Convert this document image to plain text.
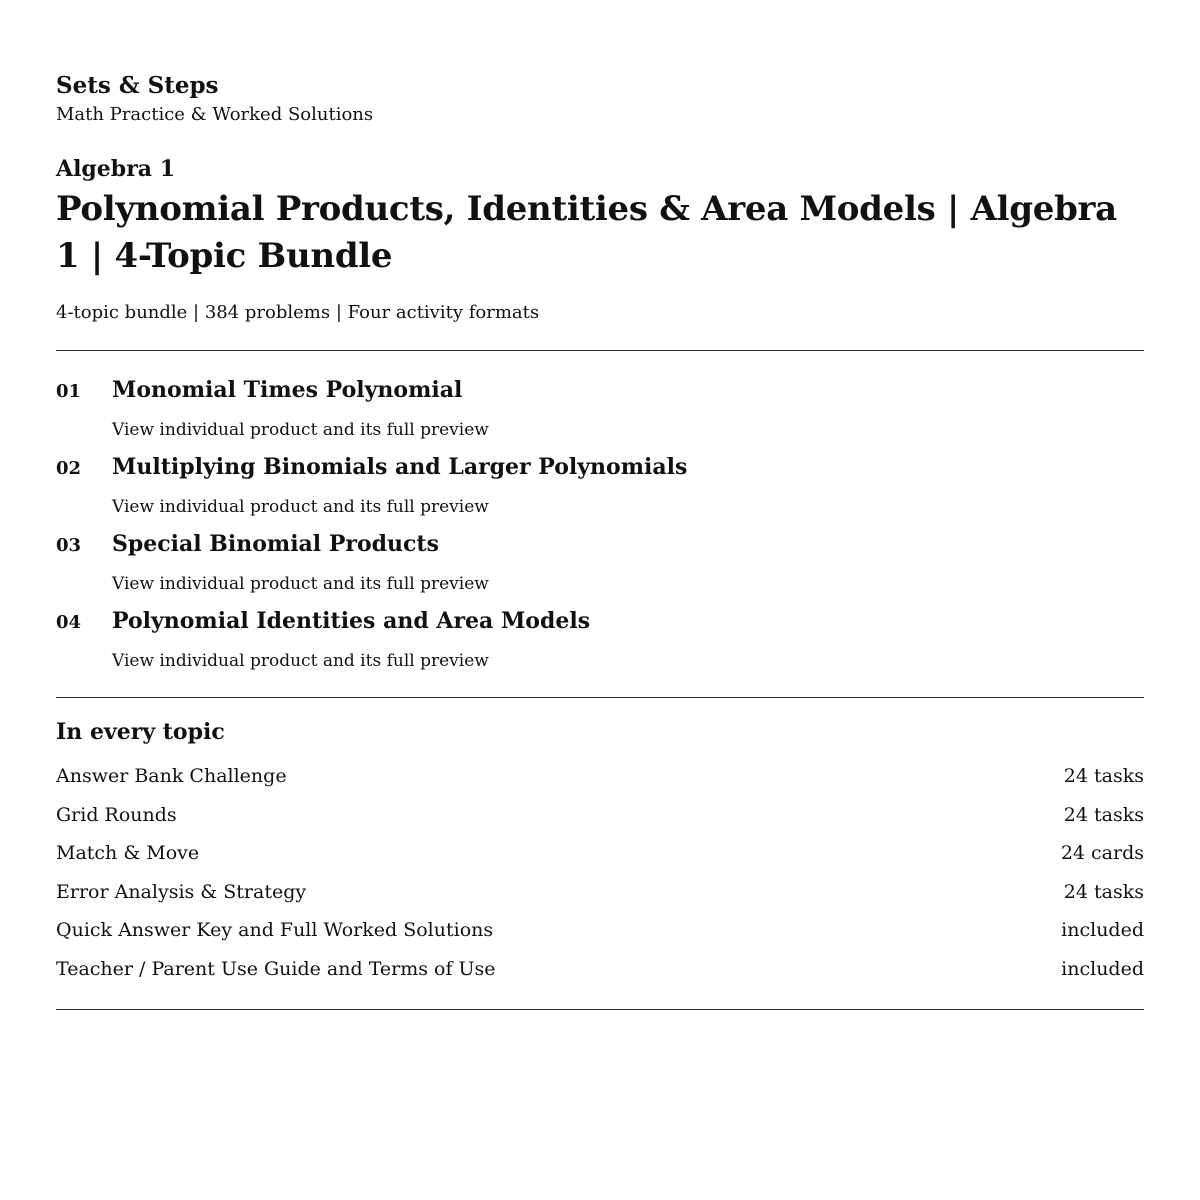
Sets & Steps
Math Practice & Worked Solutions
Algebra 1
Polynomial Products, Identities & Area Models | Algebra 1 | 4-Topic Bundle
4-topic bundle | 384 problems | Four activity formats
01 Monomial Times Polynomial
View individual product and its full preview
02 Multiplying Binomials and Larger Polynomials
View individual product and its full preview
03 Special Binomial Products
View individual product and its full preview
04 Polynomial Identities and Area Models
View individual product and its full preview
In every topic
Answer Bank Challenge	24 tasks
Grid Rounds	24 tasks
Match & Move	24 cards
Error Analysis & Strategy	24 tasks
Quick Answer Key and Full Worked Solutions	included
Teacher / Parent Use Guide and Terms of Use	included
